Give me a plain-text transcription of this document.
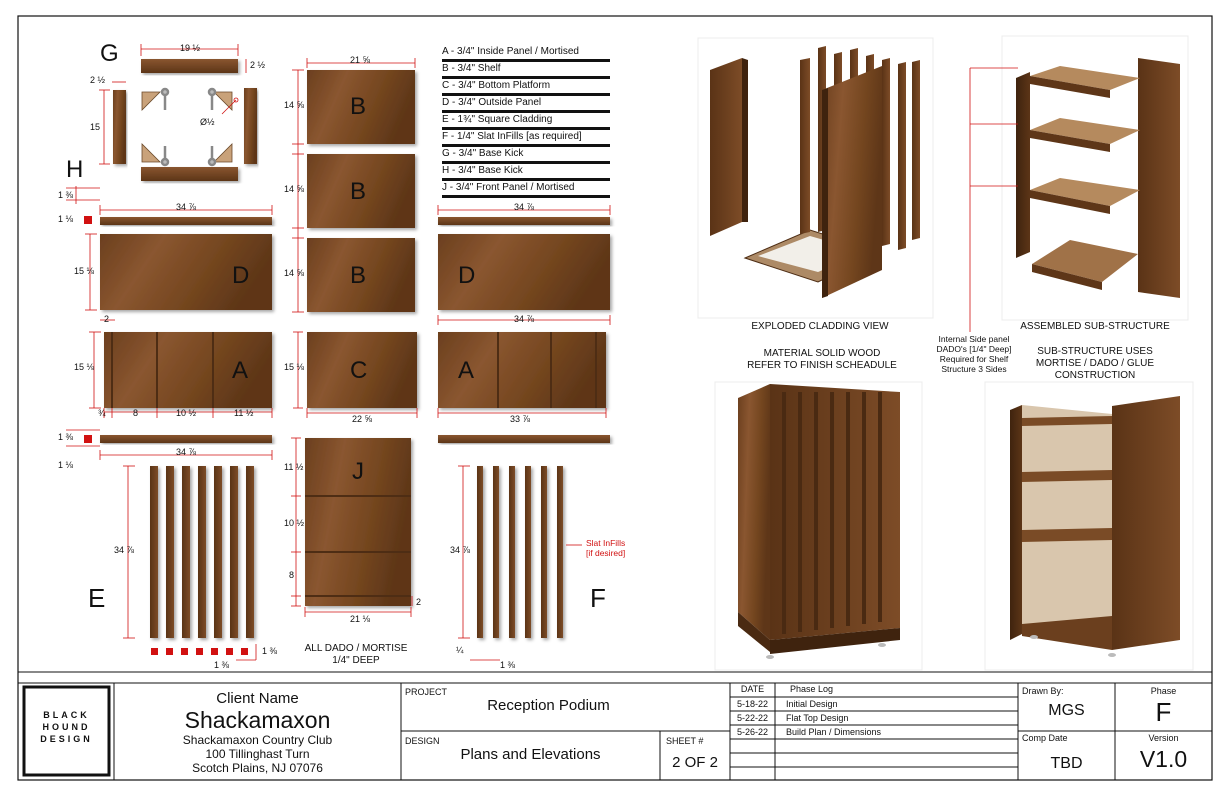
G
H
B
B
B
D	D
A	C	A
J
E	F
19 ½
2 ½
2 ½
15	Ø½
21 ⅝
14 ⅝
14 ⅝
14 ⅝
34 ⅞	34 ⅞
1 ⅜
1 ⅛
15 ⅛
2	34 ⅞
15 ⅛
¾	8	10 ½	11 ½
15 ⅛
22 ⅝	33 ⅞
1 ⅜
1 ⅛
34 ⅞
34 ⅞
1 ⅜
1 ⅜
11 ½
10 ½
8
21 ⅛
2
34 ⅞
¼
1 ⅜
ALL DADO / MORTISE
1/4" DEEP
Slat InFills
[if desired]
Internal Side panel
DADO's [1/4" Deep]
Required for Shelf
Structure 3 Sides
A - 3/4" Inside Panel / Mortised
B - 3/4" Shelf
C - 3/4" Bottom Platform
D - 3/4" Outside Panel
E - 1¾" Square Cladding
F - 1/4" Slat InFills [as required]
G - 3/4" Base Kick
H - 3/4" Base Kick
J - 3/4" Front Panel / Mortised
EXPLODED CLADDING VIEW	ASSEMBLED SUB-STRUCTURE
MATERIAL SOLID WOOD
REFER TO FINISH SCHEADULE
SUB-STRUCTURE USES
MORTISE / DADO / GLUE
CONSTRUCTION
BLACK
HOUND
DESIGN
Client Name
Shackamaxon
Shackamaxon Country Club
100 Tillinghast Turn
Scotch Plains, NJ 07076
PROJECT
Reception Podium
DESIGN
Plans and Elevations
SHEET #
2 OF 2
DATE	Phase Log
5-18-22	Initial Design
5-22-22	Flat Top Design
5-26-22	Build Plan / Dimensions
Drawn By:
MGS
Phase
F
Comp Date
TBD
Version
V1.0
